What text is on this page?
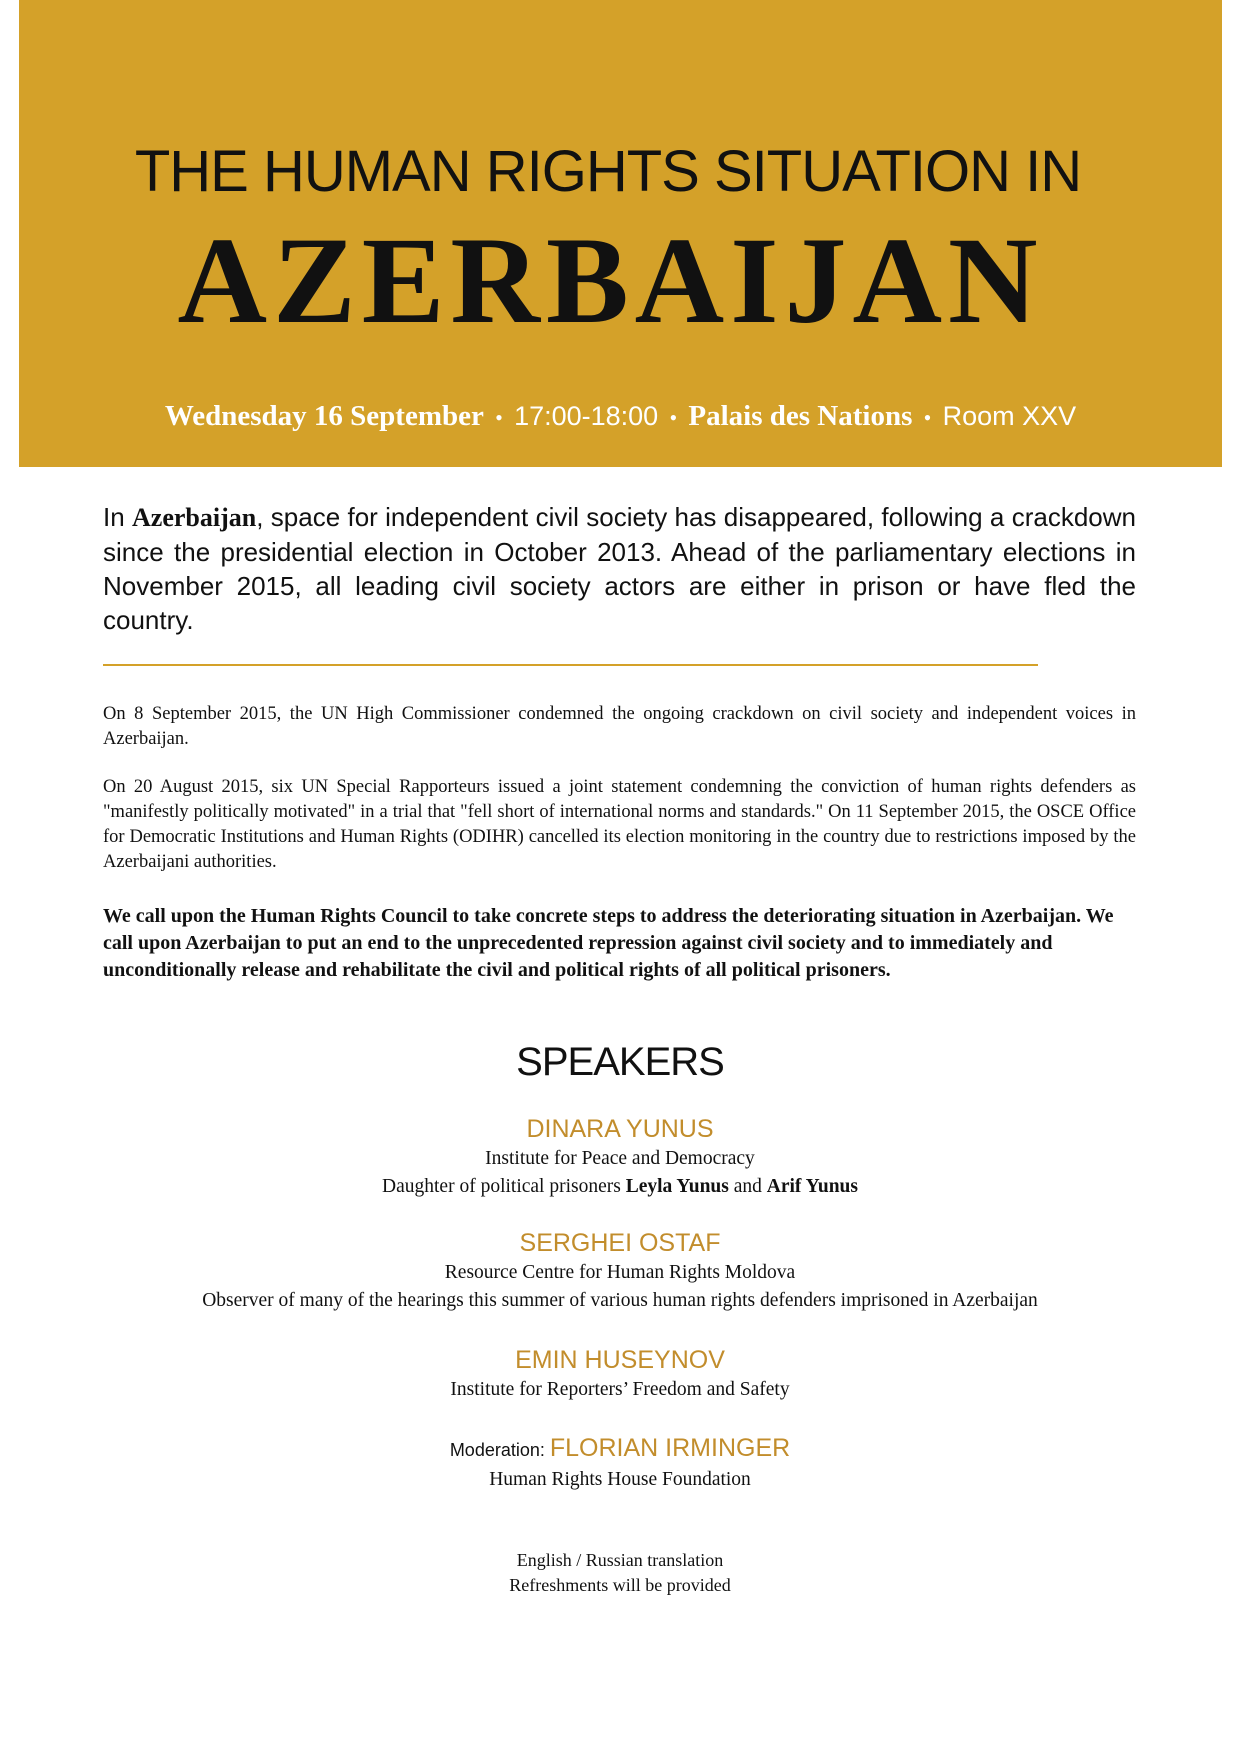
THE HUMAN RIGHTS SITUATION IN
AZERBAIJAN
Wednesday 16 September • 17:00-18:00 • Palais des Nations • Room XXV
In Azerbaijan, space for independent civil society has disappeared, following a crackdown since the presidential election in October 2013. Ahead of the parliamentary elections in November 2015, all leading civil society actors are either in prison or have fled the country.
On 8 September 2015, the UN High Commissioner condemned the ongoing crackdown on civil society and independent voices in Azerbaijan.
On 20 August 2015, six UN Special Rapporteurs issued a joint statement condemning the conviction of human rights defenders as "manifestly politically motivated" in a trial that "fell short of international norms and standards." On 11 September 2015, the OSCE Office for Democratic Institutions and Human Rights (ODIHR) cancelled its election monitoring in the country due to restrictions imposed by the Azerbaijani authorities.
We call upon the Human Rights Council to take concrete steps to address the deteriorating situation in Azerbaijan. We call upon Azerbaijan to put an end to the unprecedented repression against civil society and to immediately and unconditionally release and rehabilitate the civil and political rights of all political prisoners.
SPEAKERS
DINARA YUNUS
Institute for Peace and Democracy
Daughter of political prisoners Leyla Yunus and Arif Yunus
SERGHEI OSTAF
Resource Centre for Human Rights Moldova
Observer of many of the hearings this summer of various human rights defenders imprisoned in Azerbaijan
EMIN HUSEYNOV
Institute for Reporters’ Freedom and Safety
Moderation: FLORIAN IRMINGER
Human Rights House Foundation
English / Russian translation
Refreshments will be provided
